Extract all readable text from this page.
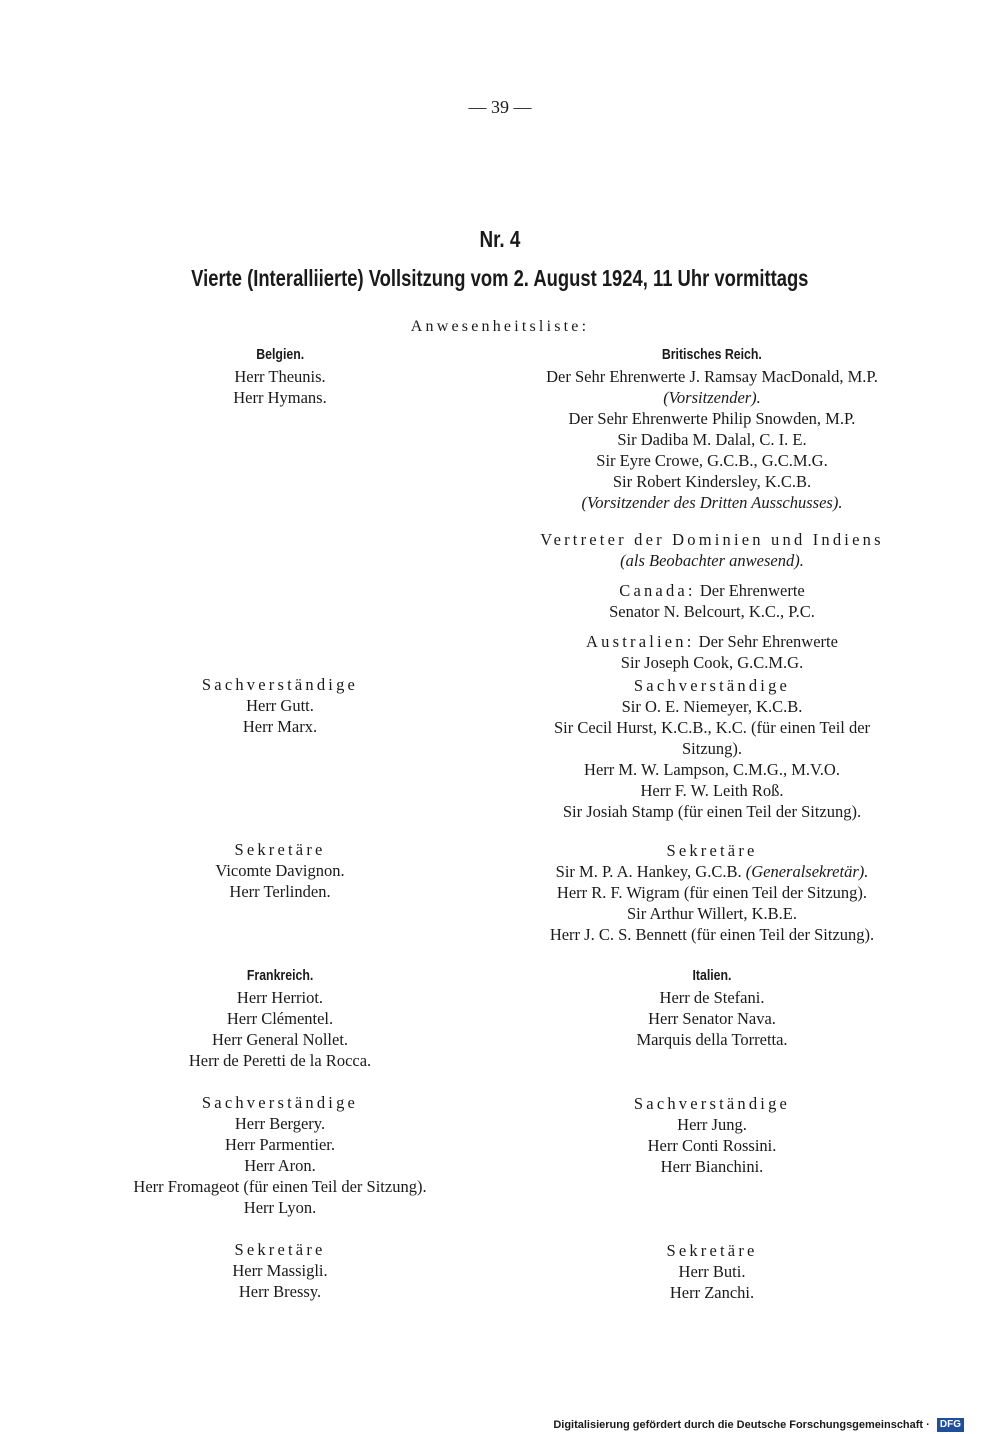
— 39 —
Nr. 4
Vierte (Interalliierte) Vollsitzung vom 2. August 1924, 11 Uhr vormittags
Anwesenheitsliste:
Belgien.
Herr Theunis.
Herr Hymans.
Sachverständige
Herr Gutt.
Herr Marx.
Sekretäre
Vicomte Davignon.
Herr Terlinden.
Britisches Reich.
Der Sehr Ehrenwerte J. Ramsay MacDonald, M.P.
(Vorsitzender).
Der Sehr Ehrenwerte Philip Snowden, M.P.
Sir Dadiba M. Dalal, C. I. E.
Sir Eyre Crowe, G.C.B., G.C.M.G.
Sir Robert Kindersley, K.C.B.
(Vorsitzender des Dritten Ausschusses).
Vertreter der Dominien und Indiens
(als Beobachter anwesend).
Canada: Der Ehrenwerte
Senator N. Belcourt, K.C., P.C.
Australien: Der Sehr Ehrenwerte
Sir Joseph Cook, G.C.M.G.
Sachverständige
Sir O. E. Niemeyer, K.C.B.
Sir Cecil Hurst, K.C.B., K.C. (für einen Teil der
Sitzung).
Herr M. W. Lampson, C.M.G., M.V.O.
Herr F. W. Leith Roß.
Sir Josiah Stamp (für einen Teil der Sitzung).
Sekretäre
Sir M. P. A. Hankey, G.C.B. (Generalsekretär).
Herr R. F. Wigram (für einen Teil der Sitzung).
Sir Arthur Willert, K.B.E.
Herr J. C. S. Bennett (für einen Teil der Sitzung).
Frankreich.
Herr Herriot.
Herr Clémentel.
Herr General Nollet.
Herr de Peretti de la Rocca.
Sachverständige
Herr Bergery.
Herr Parmentier.
Herr Aron.
Herr Fromageot (für einen Teil der Sitzung).
Herr Lyon.
Sekretäre
Herr Massigli.
Herr Bressy.
Italien.
Herr de Stefani.
Herr Senator Nava.
Marquis della Torretta.
Sachverständige
Herr Jung.
Herr Conti Rossini.
Herr Bianchini.
Sekretäre
Herr Buti.
Herr Zanchi.
Digitalisierung gefördert durch die Deutsche Forschungsgemeinschaft · DFG
